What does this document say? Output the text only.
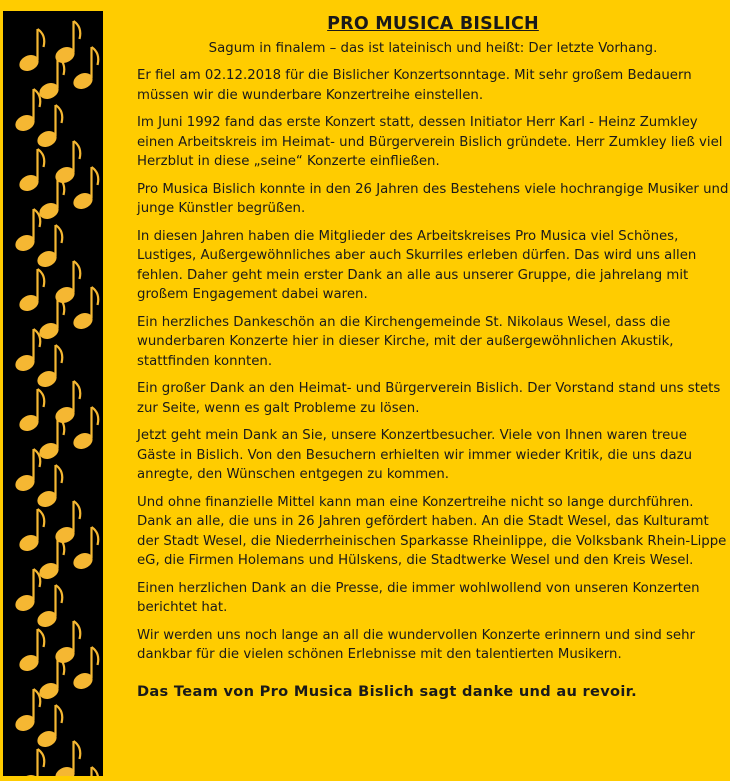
PRO MUSICA BISLICH
Sagum in finalem – das ist lateinisch und heißt: Der letzte Vorhang.

Er fiel am 02.12.2018 für die Bislicher Konzertsonntage. Mit sehr großem Bedauern müssen wir die wunderbare Konzertreihe einstellen.

Im Juni 1992 fand das erste Konzert statt, dessen Initiator Herr Karl - Heinz Zumkley einen Arbeitskreis im Heimat- und Bürgerverein Bislich gründete. Herr Zumkley ließ viel Herzblut in diese „seine“ Konzerte einfließen.

Pro Musica Bislich konnte in den 26 Jahren des Bestehens viele hochrangige Musiker und junge Künstler begrüßen.

In diesen Jahren haben die Mitglieder des Arbeitskreises Pro Musica viel Schönes, Lustiges, Außergewöhnliches aber auch Skurriles erleben dürfen. Das wird uns allen fehlen. Daher geht mein erster Dank an alle aus unserer Gruppe, die jahrelang mit großem Engagement dabei waren.

Ein herzliches Dankeschön an die Kirchengemeinde St. Nikolaus Wesel, dass die wunderbaren Konzerte hier in dieser Kirche, mit der außergewöhnlichen Akustik, stattfinden konnten.

Ein großer Dank an den Heimat- und Bürgerverein Bislich. Der Vorstand stand uns stets zur Seite, wenn es galt Probleme zu lösen.

Jetzt geht mein Dank an Sie, unsere Konzertbesucher. Viele von Ihnen waren treue Gäste in Bislich. Von den Besuchern erhielten wir immer wieder Kritik, die uns dazu anregte, den Wünschen entgegen zu kommen.

Und ohne finanzielle Mittel kann man eine Konzertreihe nicht so lange durchführen. Dank an alle, die uns in 26 Jahren gefördert haben. An die Stadt Wesel, das Kulturamt der Stadt Wesel, die Niederrheinischen Sparkasse Rheinlippe, die Volksbank Rhein-Lippe eG, die Firmen Holemans und Hülskens, die Stadtwerke Wesel und den Kreis Wesel.

Einen herzlichen Dank an die Presse, die immer wohlwollend von unseren Konzerten berichtet hat.

Wir werden uns noch lange an all die wundervollen Konzerte erinnern und sind sehr dankbar für die vielen schönen Erlebnisse mit den talentierten Musikern.

Das Team von Pro Musica Bislich sagt danke und au revoir.
